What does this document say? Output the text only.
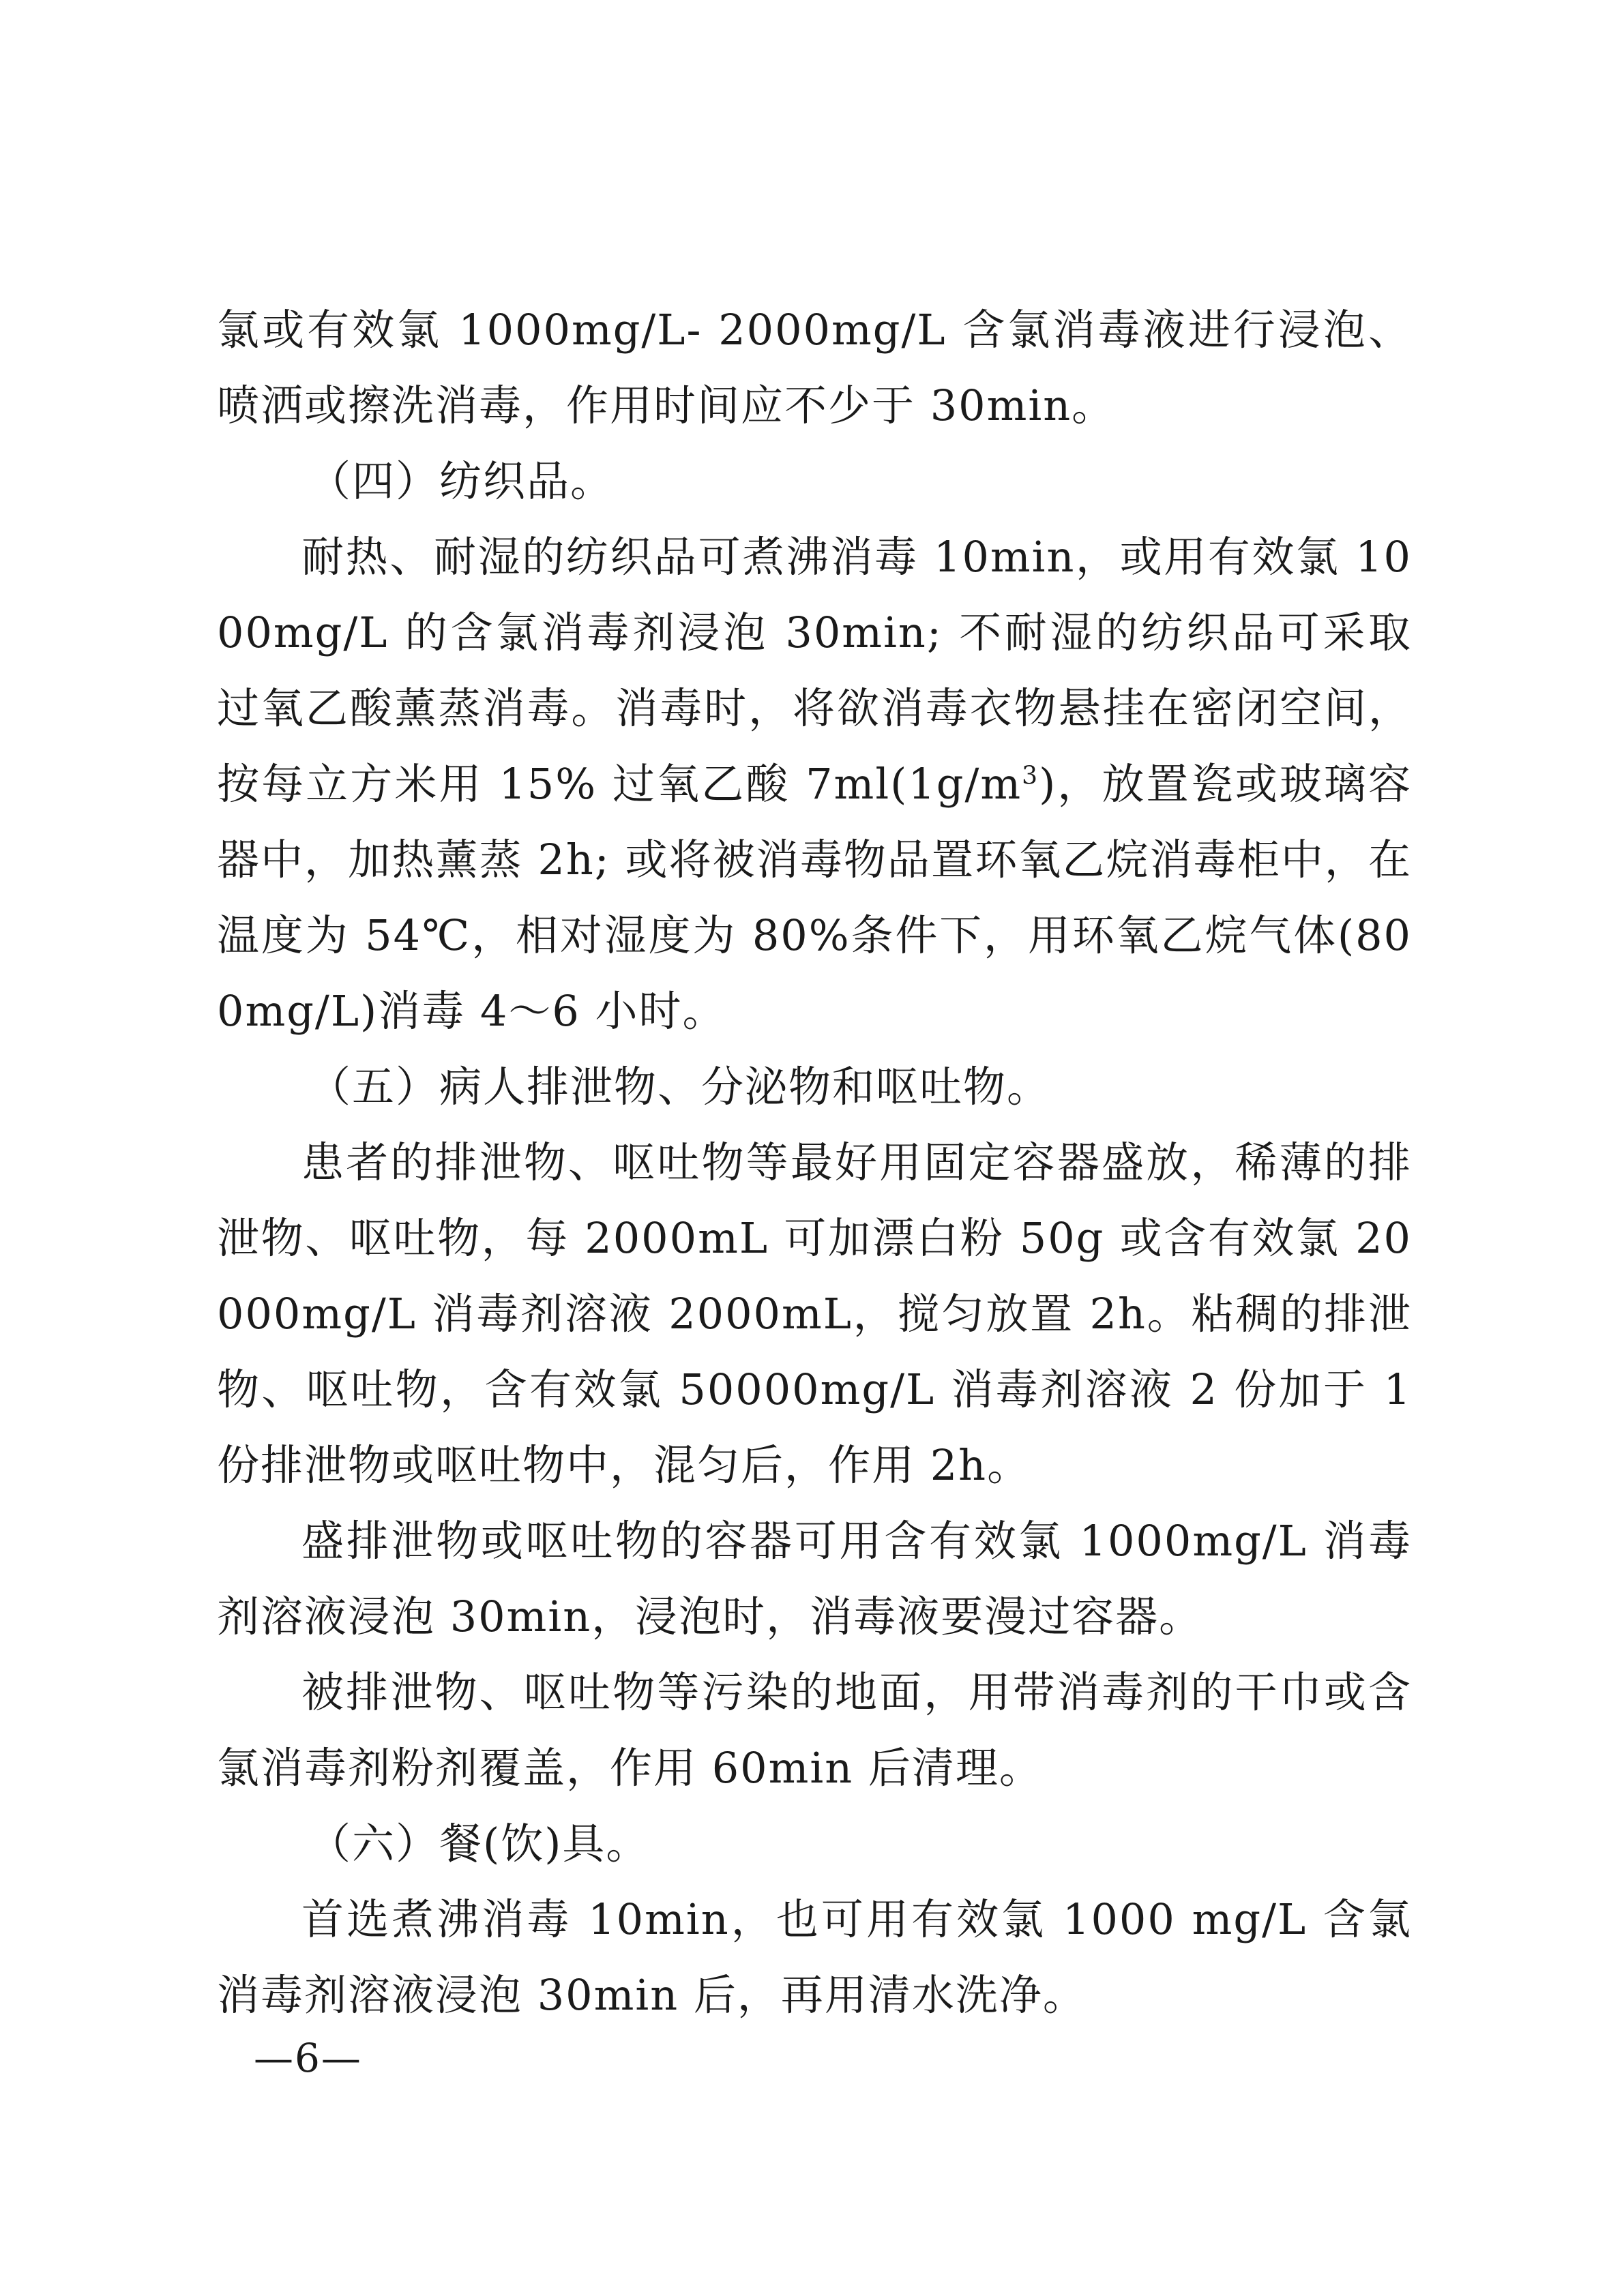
氯或有效氯 1000mg/L- 2000mg/L 含氯消毒液进行浸泡、喷洒或擦洗消毒，作用时间应不少于 30min。

（四）纺织品。

耐热、耐湿的纺织品可煮沸消毒 10min，或用有效氯 1000mg/L 的含氯消毒剂浸泡 30min; 不耐湿的纺织品可采取过氧乙酸薰蒸消毒。消毒时，将欲消毒衣物悬挂在密闭空间，按每立方米用 15% 过氧乙酸 $7ml(1g/m^3)$，放置瓷或玻璃容器中，加热薰蒸 2h; 或将被消毒物品置环氧乙烷消毒柜中，在温度为 54℃，相对湿度为 80%条件下，用环氧乙烷气体(800mg/L)消毒 4～6 小时。

（五）病人排泄物、分泌物和呕吐物。

患者的排泄物、呕吐物等最好用固定容器盛放，稀薄的排泄物、呕吐物，每 2000mL 可加漂白粉 50g 或含有效氯 20000mg/L 消毒剂溶液 2000mL，搅匀放置 2h。粘稠的排泄物、呕吐物，含有效氯 50000mg/L 消毒剂溶液 2 份加于 1 份排泄物或呕吐物中，混匀后，作用 2h。

盛排泄物或呕吐物的容器可用含有效氯 1000mg/L 消毒剂溶液浸泡 30min，浸泡时，消毒液要漫过容器。

被排泄物、呕吐物等污染的地面，用带消毒剂的干巾或含氯消毒剂粉剂覆盖，作用 60min 后清理。

（六）餐(饮)具。

首选煮沸消毒 10min，也可用有效氯 1000 mg/L 含氯消毒剂溶液浸泡 30min 后，再用清水洗净。

—6—
